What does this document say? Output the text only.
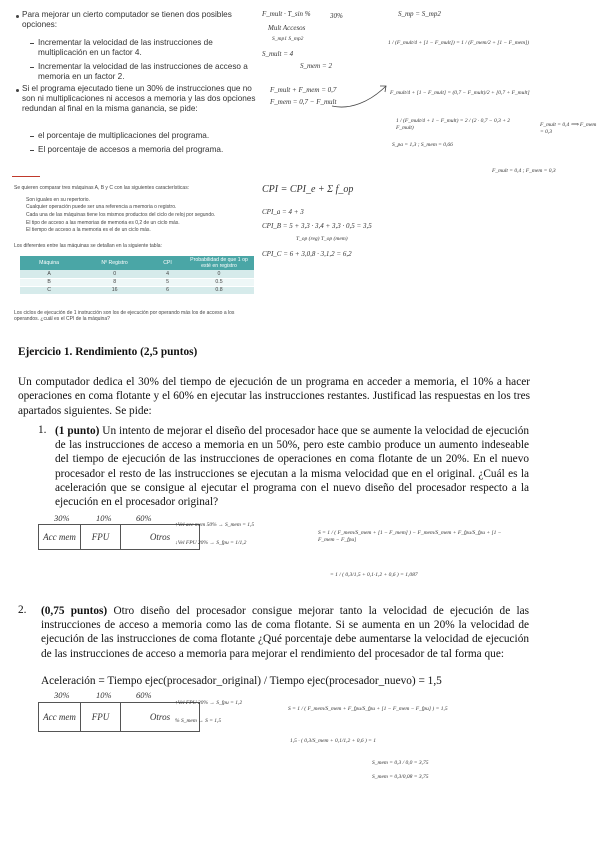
Para mejorar un cierto computador se tienen dos posibles opciones:
Incrementar la velocidad de las instrucciones de multiplicación en un factor 4.
Incrementar la velocidad de las instrucciones de acceso a memoria en un factor 2.
Si el programa ejecutado tiene un 30% de instrucciones que no son ni multiplicaciones ni accesos a memoria y las dos opciones redundan al final en la misma ganancia, se pide:
el porcentaje de multiplicaciones del programa.
El porcentaje de accesos a memoria del programa.
F_mult · T_sin %	30%	S_mp = S_mp2
Mult Accesos
S_mp1 S_mp2
S_mult = 4
S_mem = 2
F_mult + F_mem = 0,7
F_mem = 0,7 − F_mult
1 / (F_mult/4 + [1 − F_mult]) = 1 / (F_mem/2 + [1 − F_mem])
F_mult/4 + [1 − F_mult] = (0,7 − F_mult)/2 + [0,7 + F_mult]
1 / (F_mult/4 + 1 − F_mult) = 2 / (2 · 0,7 − 0,3 + 2 F_mult)	F_mult = 0,4 ⟹ F_mem = 0,3
S_pa = 1,3 ; S_mem = 0,66
F_mult = 0,4 ; F_mem = 0,3
Se quieren comparar tres máquinas A, B y C con las siguientes características:
Son iguales en su repertorio.
Cualquier operación puede ser una referencia a memoria o registro.
Cada una de las máquinas tiene los mismos productos del ciclo de reloj por segundo.
El tipo de acceso a las memorias de memoria es 0,2 de un ciclo más.
El tiempo de acceso a la memoria es el de un ciclo más.
Los diferentes entre las máquinas se detallan en la siguiente tabla:
Máquina	Nº Registro	CPI	Probabilidad de que 1 op esté en registro
A	0	4	0
B	8	5	0.5
C	16	6	0.8
Los ciclos de ejecución de 1 instrucción son los de ejecución por operando más los de acceso a los operandos. ¿cuál es el CPI de la máquina?
CPI = CPI_e + Σ f_op
CPI_a = 4 + 3
CPI_B = 5 + 3,3 · 3,4 + 3,3 · 0,5 = 3,5
T_op (reg) T_op (mem)
CPI_C = 6 + 3,0,8 · 3,1,2 = 6,2
Ejercicio 1. Rendimiento (2,5 puntos)
Un computador dedica el 30% del tiempo de ejecución de un programa en acceder a memoria, el 10% a hacer operaciones en coma flotante y el 60% en ejecutar las instrucciones restantes. Justificad las respuestas en los tres apartados siguientes. Se pide:
1. (1 punto) Un intento de mejorar el diseño del procesador hace que se aumente la velocidad de ejecución de las instrucciones de acceso a memoria en un 50%, pero este cambio produce un aumento indeseable del tiempo de ejecución de las instrucciones de operaciones en coma flotante de un 20%. En el nuevo procesador el resto de las instrucciones se ejecutan a la misma velocidad que en el original. ¿Cuál es la aceleración que se consigue al ejecutar el programa con el nuevo diseño del procesador respecto a la ejecución en el procesador original?
30%	10%	60%
Acc mem	FPU	Otros
↑Vel acc mem 50% → S_mem = 1,5
↓Vel FPU 20% → S_fpu = 1/1,2
S = 1 / ( F_mem/S_mem + [1 − F_mem] ) − F_mem/S_mem + F_fpu/S_fpu + [1 − F_mem − F_fpu]
= 1 / ( 0,3/1,5 + 0,1·1,2 + 0,6 ) = 1,087
2.	(0,75 puntos) Otro diseño del procesador consigue mejorar tanto la velocidad de ejecución de las instrucciones de acceso a memoria como las de coma flotante. Si se aumenta en un 20% la velocidad de ejecución de las instrucciones de coma flotante ¿Qué porcentaje debe aumentarse la velocidad de ejecución de las instrucciones de acceso a memoria para mejorar el rendimiento del procesador de tal forma que:
Aceleración = Tiempo ejec(procesador_original) / Tiempo ejec(procesador_nuevo) = 1,5
30%	10%	60%
Acc mem	FPU	Otros
↑Vel FPU 20% → S_fpu = 1,2
% S_mem → S = 1,5
S = 1 / ( F_mem/S_mem + F_fpu/S_fpu + [1 − F_mem − F_fpu] ) = 1,5
1,5 · ( 0,3/S_mem + 0,1/1,2 + 0,6 ) = 1
S_mem = 0,3 / 0,0 = 3,75
S_mem = 0,3/0,08 = 3,75
